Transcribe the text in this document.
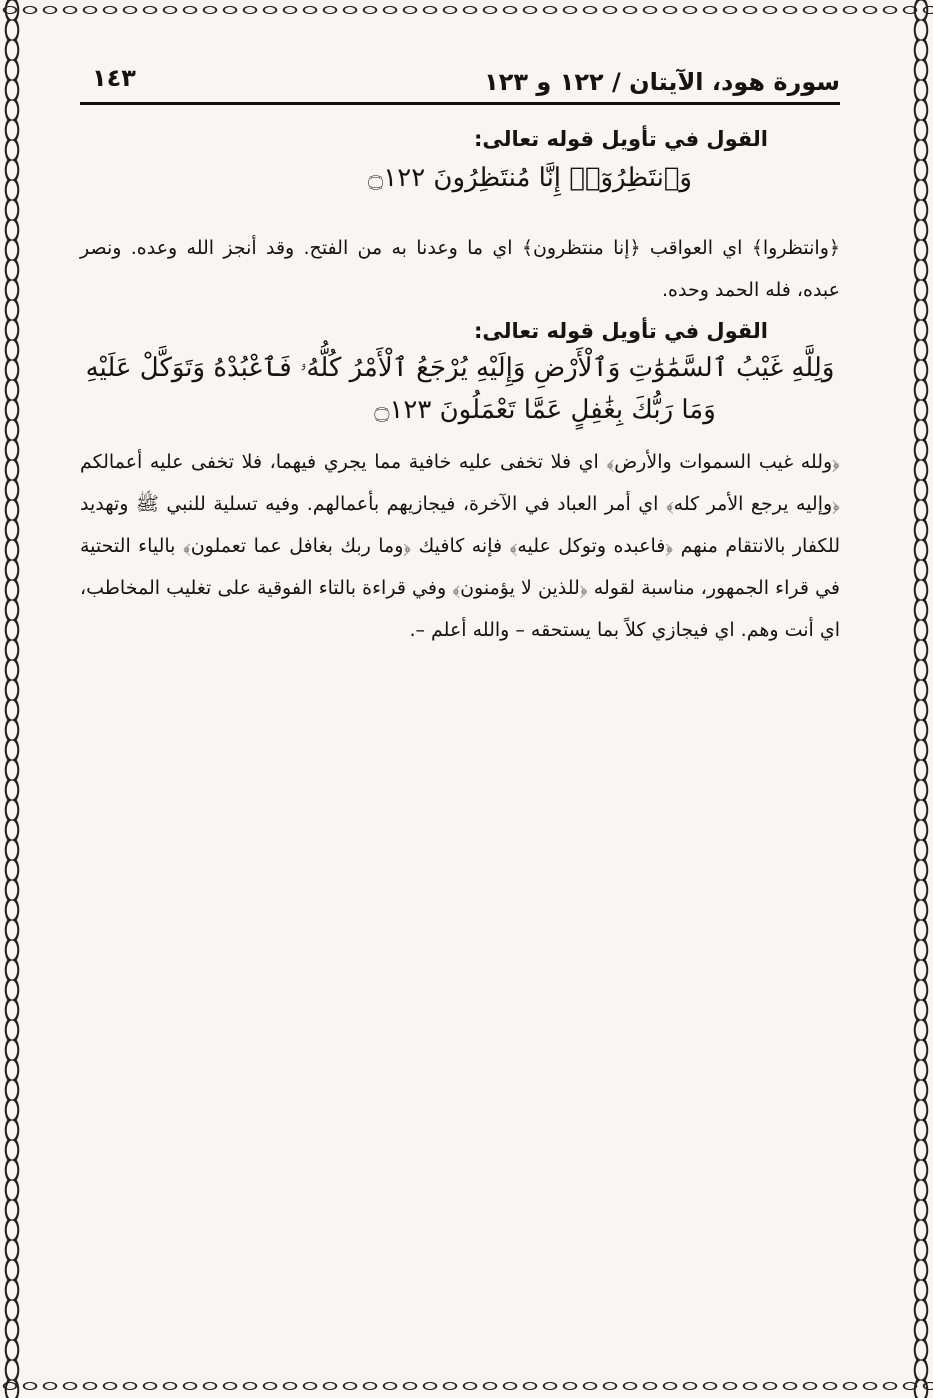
سورة هود، الآيتان / ١٢٢ و ١٢٣
١٤٣

القول في تأويل قوله تعالى:

وَٱنتَظِرُوٓا۟ إِنَّا مُنتَظِرُونَ ۝١٢٢

﴿وانتظروا﴾ اي العواقب ﴿إنا منتظرون﴾ اي ما وعدنا به من الفتح. وقد أنجز الله وعده. ونصر عبده، فله الحمد وحده.

القول في تأويل قوله تعالى:

وَلِلَّهِ غَيْبُ ٱلسَّمَٰوَٰتِ وَٱلْأَرْضِ وَإِلَيْهِ يُرْجَعُ ٱلْأَمْرُ كُلُّهُۥ فَٱعْبُدْهُ وَتَوَكَّلْ عَلَيْهِ
وَمَا رَبُّكَ بِغَٰفِلٍ عَمَّا تَعْمَلُونَ ۝١٢٣

﴿ولله غيب السموات والأرض﴾ اي فلا تخفى عليه خافية مما يجري فيهما، فلا تخفى عليه أعمالكم ﴿وإليه يرجع الأمر كله﴾ اي أمر العباد في الآخرة، فيجازيهم بأعمالهم. وفيه تسلية للنبي ﷺ وتهديد للكفار بالانتقام منهم ﴿فاعبده وتوكل عليه﴾ فإنه كافيك ﴿وما ربك بغافل عما تعملون﴾ بالياء التحتية في قراء الجمهور، مناسبة لقوله ﴿للذين لا يؤمنون﴾ وفي قراءة بالتاء الفوقية على تغليب المخاطب، اي أنت وهم. اي فيجازي كلاً بما يستحقه – والله أعلم –.
